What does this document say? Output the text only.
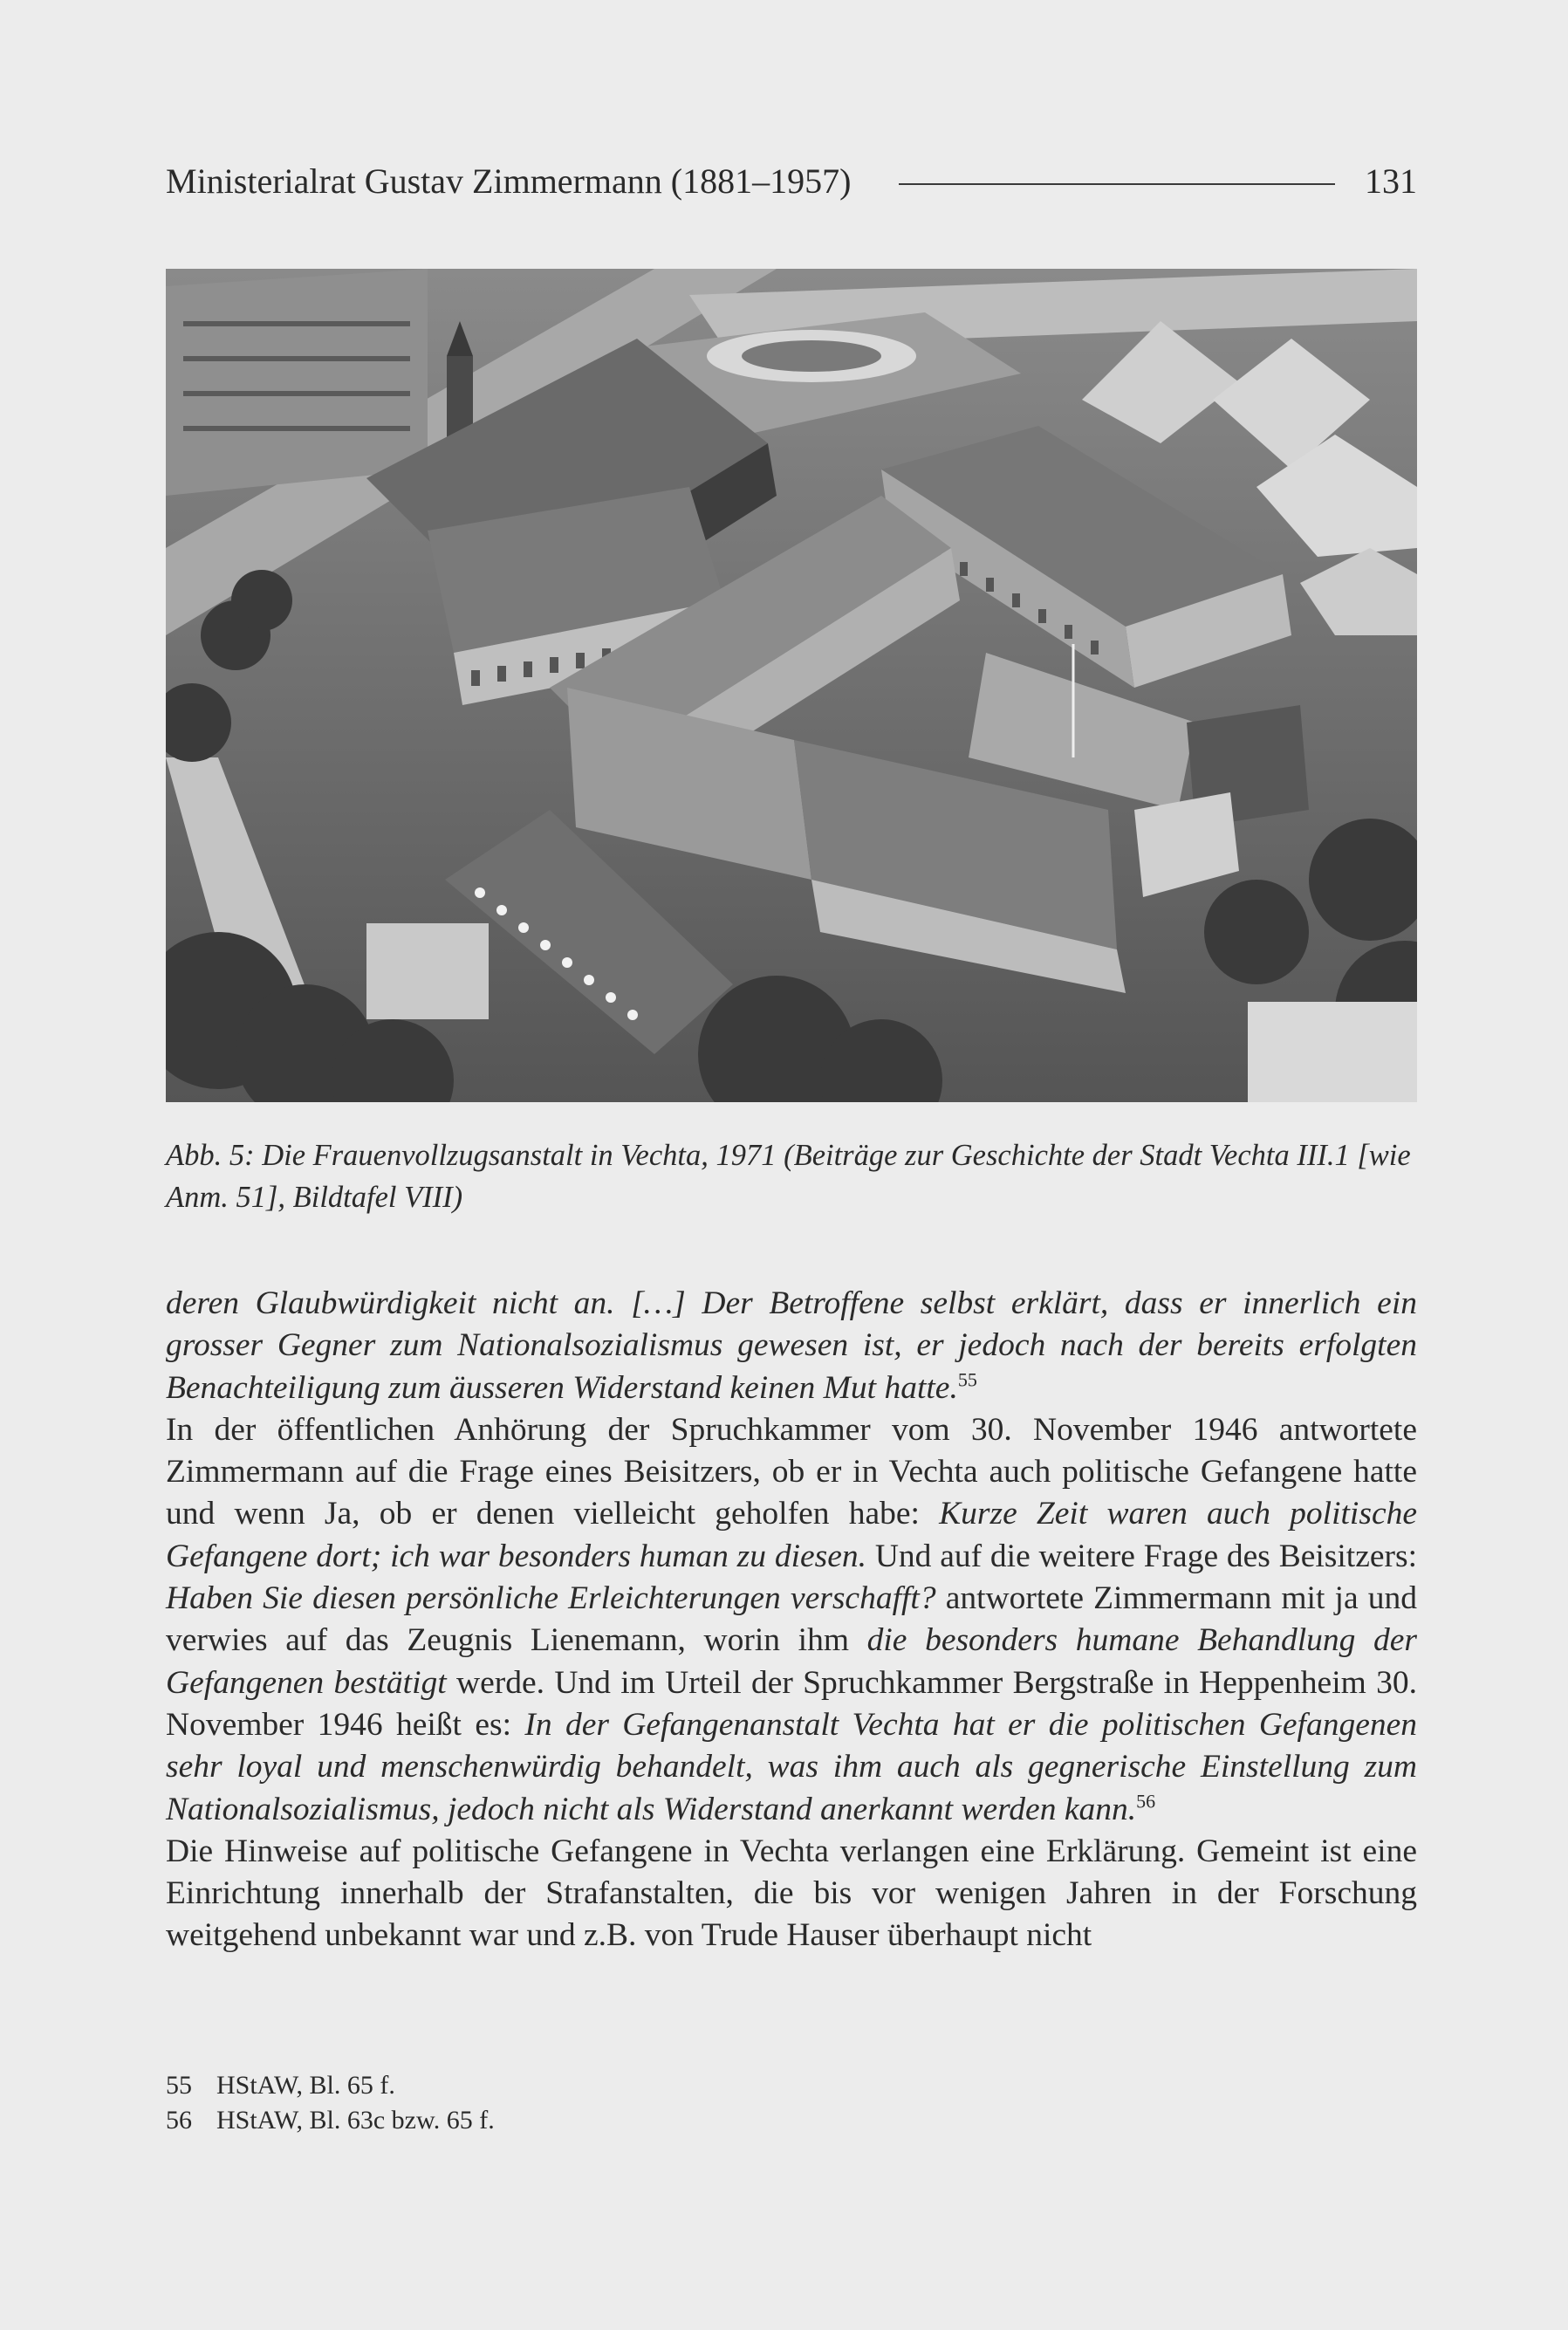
Ministerialrat Gustav Zimmermann (1881–1957)	131
Abb. 5: Die Frauenvollzugsanstalt in Vechta, 1971 (Beiträge zur Geschichte der Stadt Vechta III.1 [wie Anm. 51], Bildtafel VIII)

deren Glaubwürdigkeit nicht an. […] Der Betroffene selbst erklärt, dass er innerlich ein grosser Gegner zum Nationalsozialismus gewesen ist, er jedoch nach der bereits erfolgten Benachteiligung zum äusseren Widerstand keinen Mut hatte.$^{55}$

In der öffentlichen Anhörung der Spruchkammer vom 30. November 1946 antwortete Zimmermann auf die Frage eines Beisitzers, ob er in Vechta auch politische Gefangene hatte und wenn Ja, ob er denen vielleicht geholfen habe: Kurze Zeit waren auch politische Gefangene dort; ich war besonders human zu diesen. Und auf die weitere Frage des Beisitzers: Haben Sie diesen persönliche Erleichterungen verschafft? antwortete Zimmermann mit ja und verwies auf das Zeugnis Lienemann, worin ihm die besonders humane Behandlung der Gefangenen bestätigt werde. Und im Urteil der Spruchkammer Bergstraße in Heppenheim 30. November 1946 heißt es: In der Gefangenanstalt Vechta hat er die politischen Gefangenen sehr loyal und menschenwürdig behandelt, was ihm auch als gegnerische Einstellung zum Nationalsozialismus, jedoch nicht als Widerstand anerkannt werden kann.$^{56}$

Die Hinweise auf politische Gefangene in Vechta verlangen eine Erklärung. Gemeint ist eine Einrichtung innerhalb der Strafanstalten, die bis vor wenigen Jahren in der Forschung weitgehend unbekannt war und z.B. von Trude Hauser überhaupt nicht

55 HStAW, Bl. 65 f.
56 HStAW, Bl. 63c bzw. 65 f.
